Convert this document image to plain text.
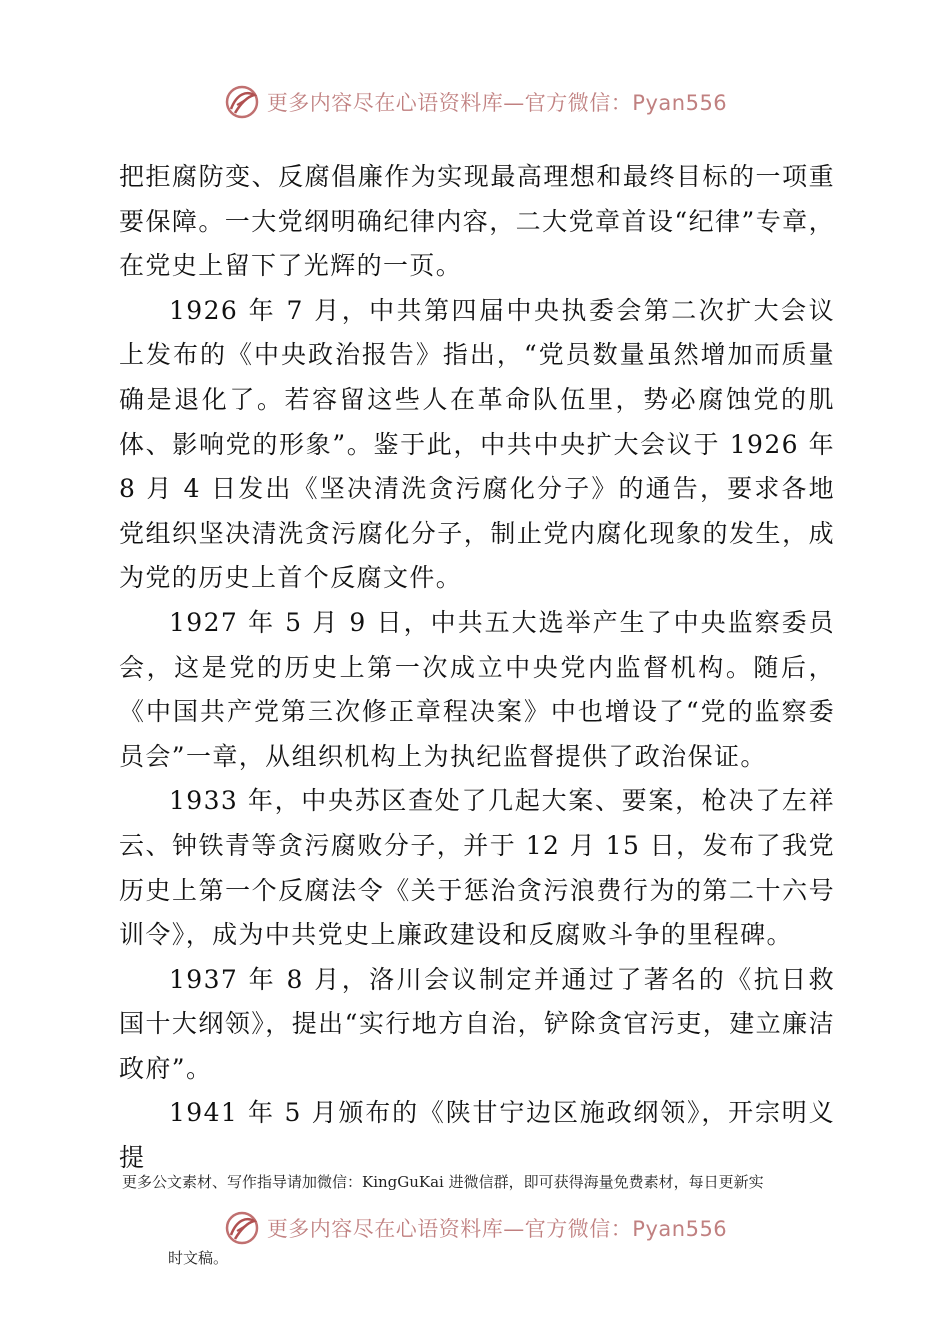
更多内容尽在心语资料库—官方微信：Pyan556

把拒腐防变、反腐倡廉作为实现最高理想和最终目标的一项重要保障。一大党纲明确纪律内容，二大党章首设“纪律”专章，在党史上留下了光辉的一页。

1926 年 7 月，中共第四届中央执委会第二次扩大会议上发布的《中央政治报告》指出，“党员数量虽然增加而质量确是退化了。若容留这些人在革命队伍里，势必腐蚀党的肌体、影响党的形象”。鉴于此，中共中央扩大会议于 1926 年 8 月 4 日发出《坚决清洗贪污腐化分子》的通告，要求各地党组织坚决清洗贪污腐化分子，制止党内腐化现象的发生，成为党的历史上首个反腐文件。

1927 年 5 月 9 日，中共五大选举产生了中央监察委员会，这是党的历史上第一次成立中央党内监督机构。随后，《中国共产党第三次修正章程决案》中也增设了“党的监察委员会”一章，从组织机构上为执纪监督提供了政治保证。

1933 年，中央苏区查处了几起大案、要案，枪决了左祥云、钟铁青等贪污腐败分子，并于 12 月 15 日，发布了我党历史上第一个反腐法令《关于惩治贪污浪费行为的第二十六号训令》，成为中共党史上廉政建设和反腐败斗争的里程碑。

1937 年 8 月，洛川会议制定并通过了著名的《抗日救国十大纲领》，提出“实行地方自治，铲除贪官污吏，建立廉洁政府”。

1941 年 5 月颁布的《陕甘宁边区施政纲领》，开宗明义提

更多公文素材、写作指导请加微信：KingGuKai 进微信群，即可获得海量免费素材，每日更新实
更多内容尽在心语资料库—官方微信：Pyan556
时文稿。
